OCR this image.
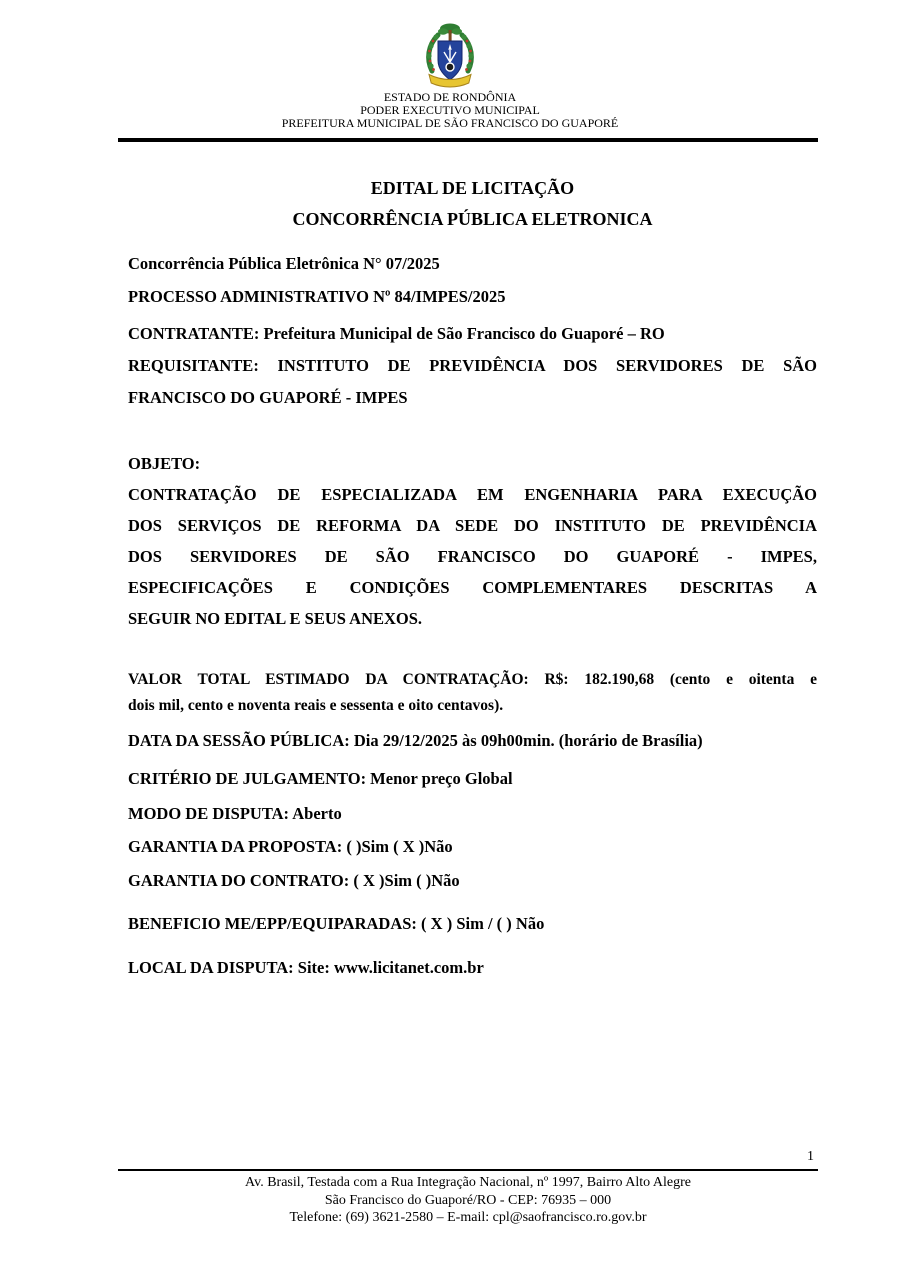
ESTADO DE RONDÔNIA
PODER EXECUTIVO MUNICIPAL
PREFEITURA MUNICIPAL DE SÃO FRANCISCO DO GUAPORÉ
EDITAL DE LICITAÇÃO
CONCORRÊNCIA PÚBLICA ELETRONICA
Concorrência Pública Eletrônica N° 07/2025
PROCESSO ADMINISTRATIVO Nº 84/IMPES/2025
CONTRATANTE: Prefeitura Municipal de São Francisco do Guaporé – RO
REQUISITANTE: INSTITUTO DE PREVIDÊNCIA DOS SERVIDORES DE SÃO
FRANCISCO DO GUAPORÉ - IMPES
OBJETO:
CONTRATAÇÃO DE ESPECIALIZADA EM ENGENHARIA PARA EXECUÇÃO
DOS SERVIÇOS DE REFORMA DA SEDE DO INSTITUTO DE PREVIDÊNCIA
DOS SERVIDORES DE SÃO FRANCISCO DO GUAPORÉ - IMPES,
ESPECIFICAÇÕES E CONDIÇÕES COMPLEMENTARES DESCRITAS A
SEGUIR NO EDITAL E SEUS ANEXOS.
VALOR TOTAL ESTIMADO DA CONTRATAÇÃO: R$: 182.190,68 (cento e oitenta e
dois mil, cento e noventa reais e sessenta e oito centavos).
DATA DA SESSÃO PÚBLICA: Dia 29/12/2025 às 09h00min. (horário de Brasília)
CRITÉRIO DE JULGAMENTO: Menor preço Global
MODO DE DISPUTA: Aberto
GARANTIA DA PROPOSTA: ( )Sim ( X )Não
GARANTIA DO CONTRATO: ( X )Sim ( )Não
BENEFICIO ME/EPP/EQUIPARADAS: ( X ) Sim / ( ) Não
LOCAL DA DISPUTA: Site: www.licitanet.com.br
1
Av. Brasil, Testada com a Rua Integração Nacional, nº 1997, Bairro Alto Alegre
São Francisco do Guaporé/RO - CEP: 76935 – 000
Telefone: (69) 3621-2580 – E-mail: cpl@saofrancisco.ro.gov.br
